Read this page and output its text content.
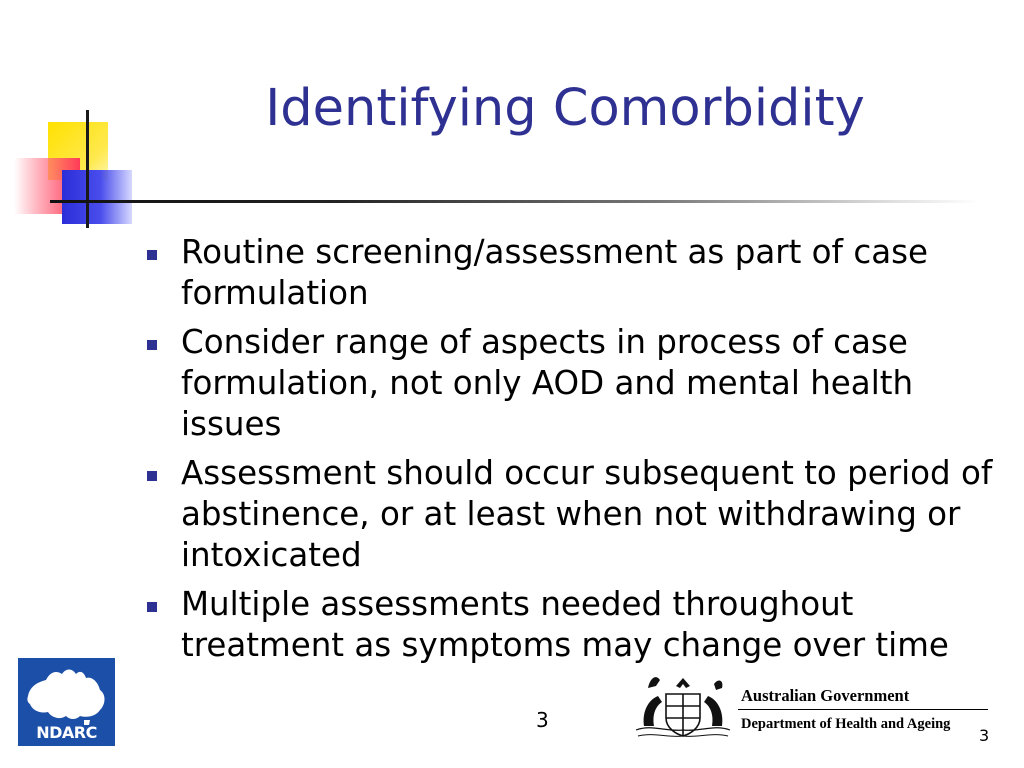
Identifying Comorbidity
Routine screening/assessment as part of case formulation
Consider range of aspects in process of case formulation, not only AOD and mental health issues
Assessment should occur subsequent to period of abstinence, or at least when not withdrawing or intoxicated
Multiple assessments needed throughout treatment as symptoms may change over time
NDARC
3
Australian Government
Department of Health and Ageing
3
